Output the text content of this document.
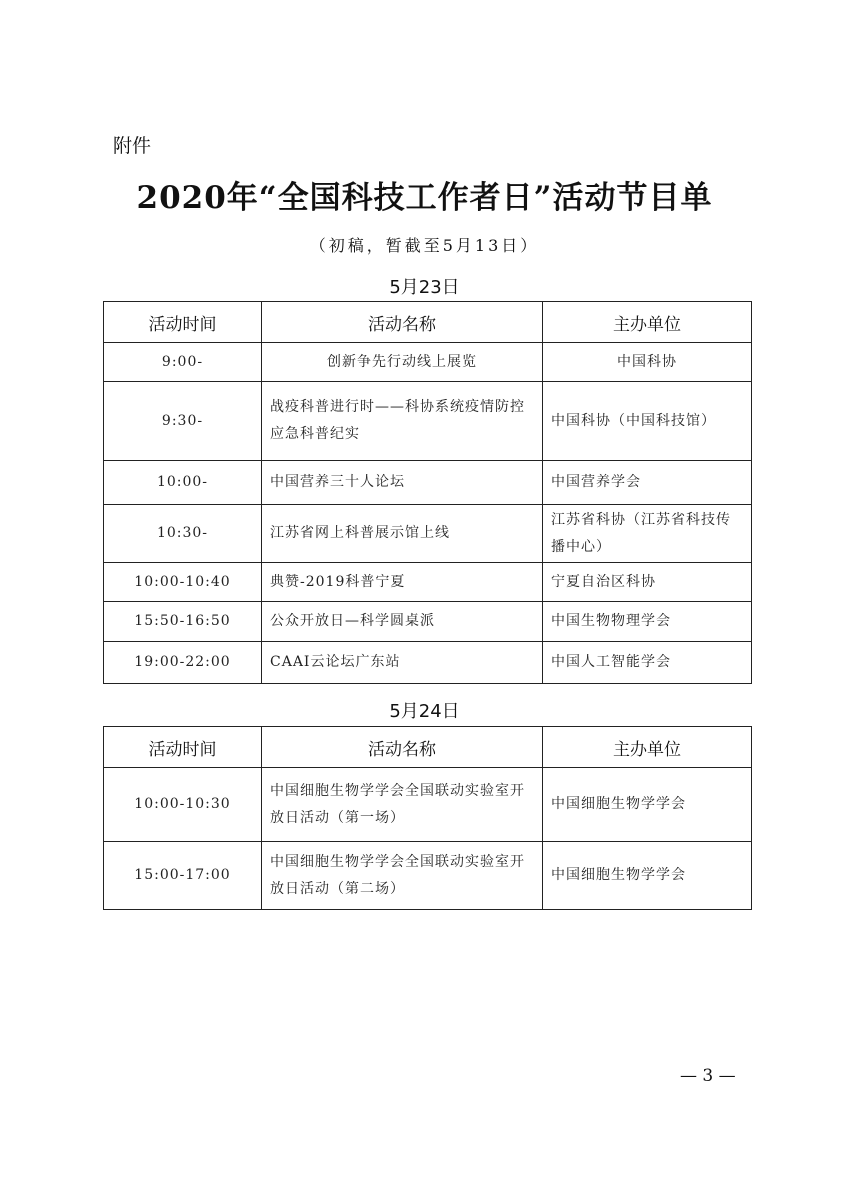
附件
2020年“全国科技工作者日”活动节目单
（初稿，暂截至5月13日）
5月23日
活动时间	活动名称	主办单位
9:00-	创新争先行动线上展览	中国科协
9:30-	战疫科普进行时——科协系统疫情防控应急科普纪实	中国科协（中国科技馆）
10:00-	中国营养三十人论坛	中国营养学会
10:30-	江苏省网上科普展示馆上线	江苏省科协（江苏省科技传播中心）
10:00-10:40	典赞-2019科普宁夏	宁夏自治区科协
15:50-16:50	公众开放日—科学圆桌派	中国生物物理学会
19:00-22:00	CAAI云论坛广东站	中国人工智能学会
5月24日
活动时间	活动名称	主办单位
10:00-10:30	中国细胞生物学学会全国联动实验室开放日活动（第一场）	中国细胞生物学学会
15:00-17:00	中国细胞生物学学会全国联动实验室开放日活动（第二场）	中国细胞生物学学会
— 3 —
